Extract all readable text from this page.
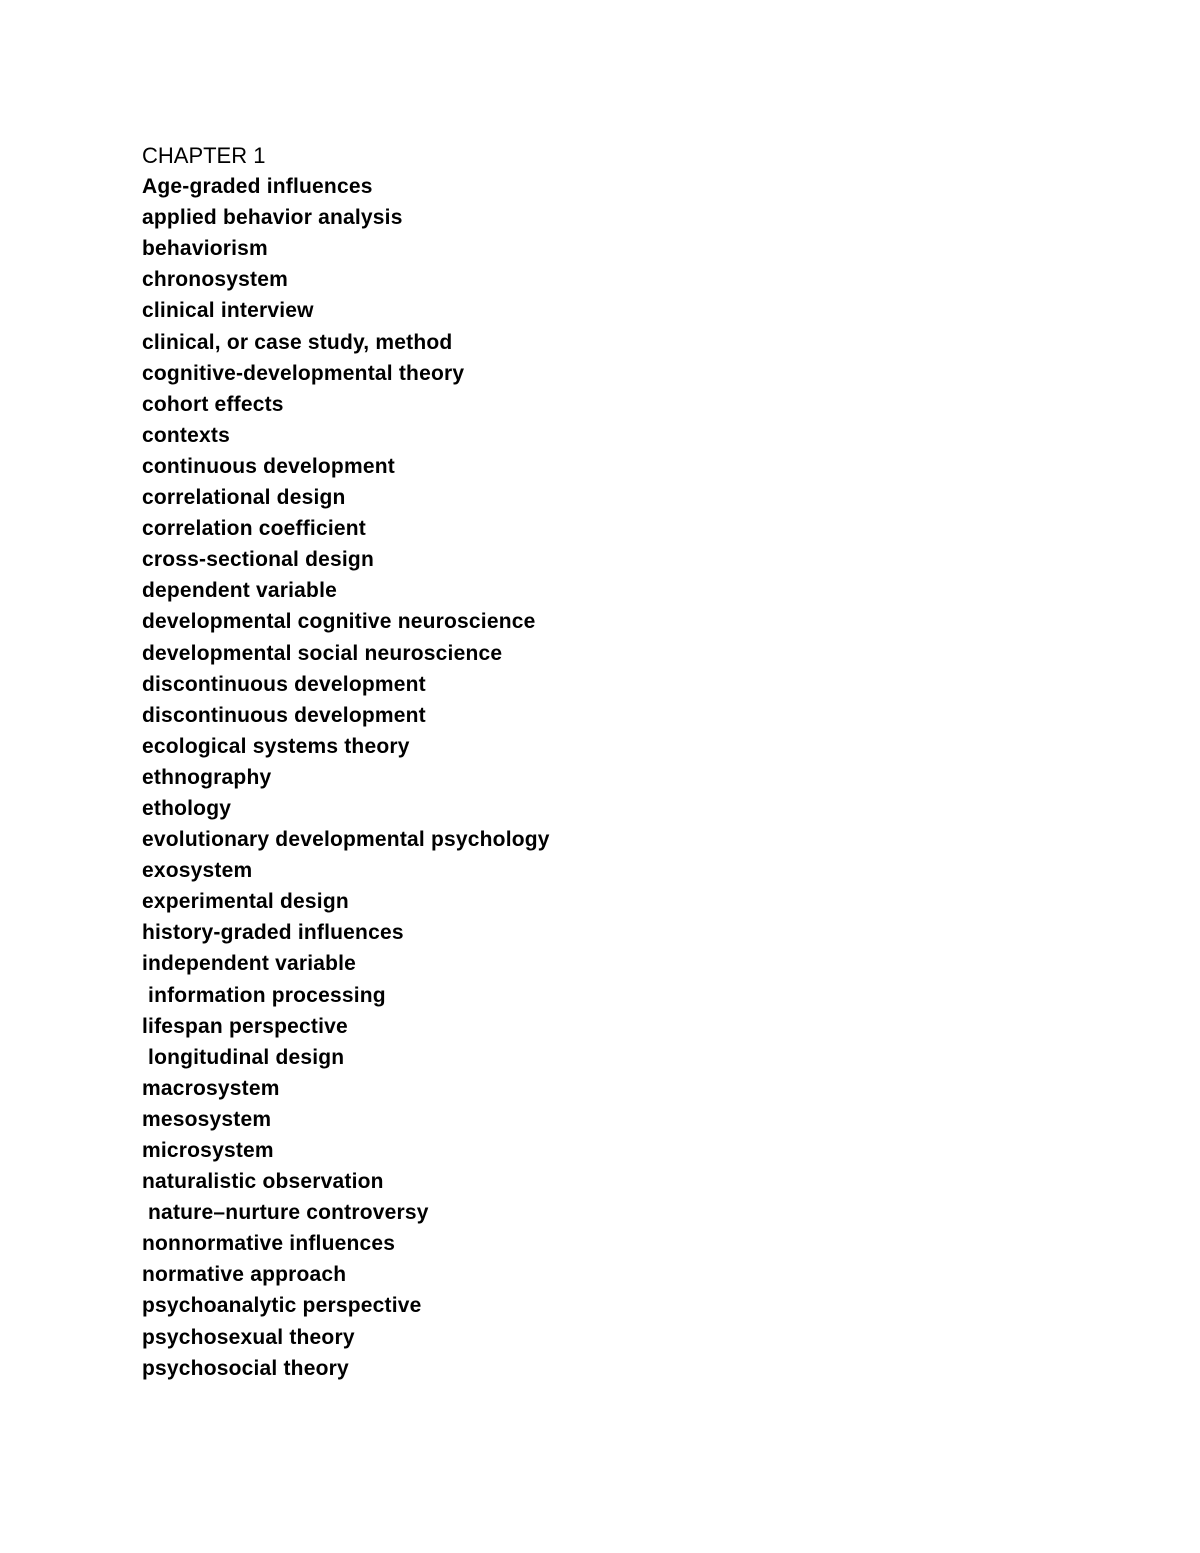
CHAPTER 1
Age-graded influences
applied behavior analysis
behaviorism
chronosystem
clinical interview
clinical, or case study, method
cognitive-developmental theory
cohort effects
contexts
continuous development
correlational design
correlation coefficient
cross-sectional design
dependent variable
developmental cognitive neuroscience
developmental social neuroscience
discontinuous development
discontinuous development
ecological systems theory
ethnography
ethology
evolutionary developmental psychology
exosystem
experimental design
history-graded influences
independent variable
information processing
lifespan perspective
longitudinal design
macrosystem
mesosystem
microsystem
naturalistic observation
nature–nurture controversy
nonnormative influences
normative approach
psychoanalytic perspective
psychosexual theory
psychosocial theory
